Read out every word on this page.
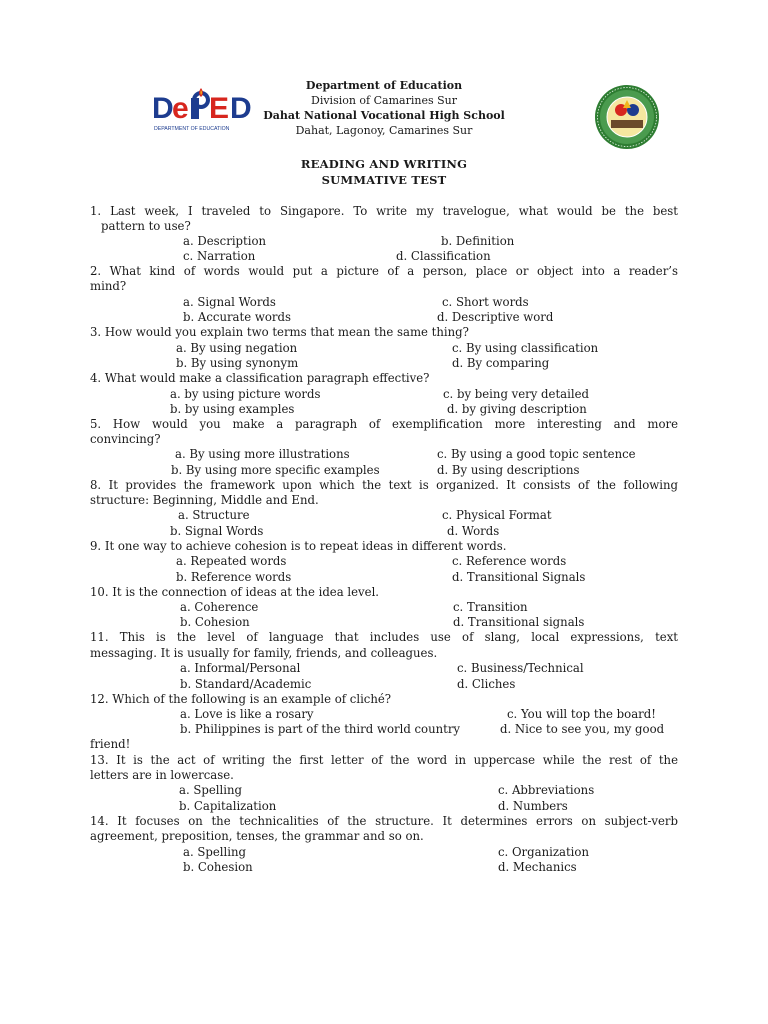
D e E D
DEPARTMENT OF EDUCATION
Department of Education
Division of Camarines Sur
Dahat National Vocational High School
Dahat, Lagonoy, Camarines Sur
READING AND WRITING
SUMMATIVE TEST
1. Last week, I traveled to Singapore. To write my travelogue, what would be the best
pattern to use?
a. Description	b. Definition
c. Narration	d. Classification
2. What kind of words would put a picture of a person, place or object into a reader’s
mind?
a. Signal Words	c. Short words
b. Accurate words	d. Descriptive word
3. How would you explain two terms that mean the same thing?
a. By using negation	c. By using classification
b. By using synonym	d. By comparing
4. What would make a classification paragraph effective?
a. by using picture words	c. by being very detailed
b. by using examples	d. by giving description
5. How would you make a paragraph of exemplification more interesting and more
convincing?
a. By using more illustrations	c. By using a good topic sentence
b. By using more specific examples	d. By using descriptions
8. It provides the framework upon which the text is organized. It consists of the following
structure: Beginning, Middle and End.
a. Structure	c. Physical Format
b. Signal Words	d. Words
9. It one way to achieve cohesion is to repeat ideas in different words.
a. Repeated words	c. Reference words
b. Reference words	d. Transitional Signals
10. It is the connection of ideas at the idea level.
a. Coherence	c. Transition
b. Cohesion	d. Transitional signals
11. This is the level of language that includes use of slang, local expressions, text
messaging. It is usually for family, friends, and colleagues.
a. Informal/Personal	c. Business/Technical
b. Standard/Academic	d. Cliches
12. Which of the following is an example of cliché?
a. Love is like a rosary	c. You will top the board!
b. Philippines is part of the third world country	d. Nice to see you, my good
friend!
13. It is the act of writing the first letter of the word in uppercase while the rest of the
letters are in lowercase.
a. Spelling	c. Abbreviations
b. Capitalization	d. Numbers
14. It focuses on the technicalities of the structure. It determines errors on subject-verb
agreement, preposition, tenses, the grammar and so on.
a. Spelling	c. Organization
b. Cohesion	d. Mechanics
